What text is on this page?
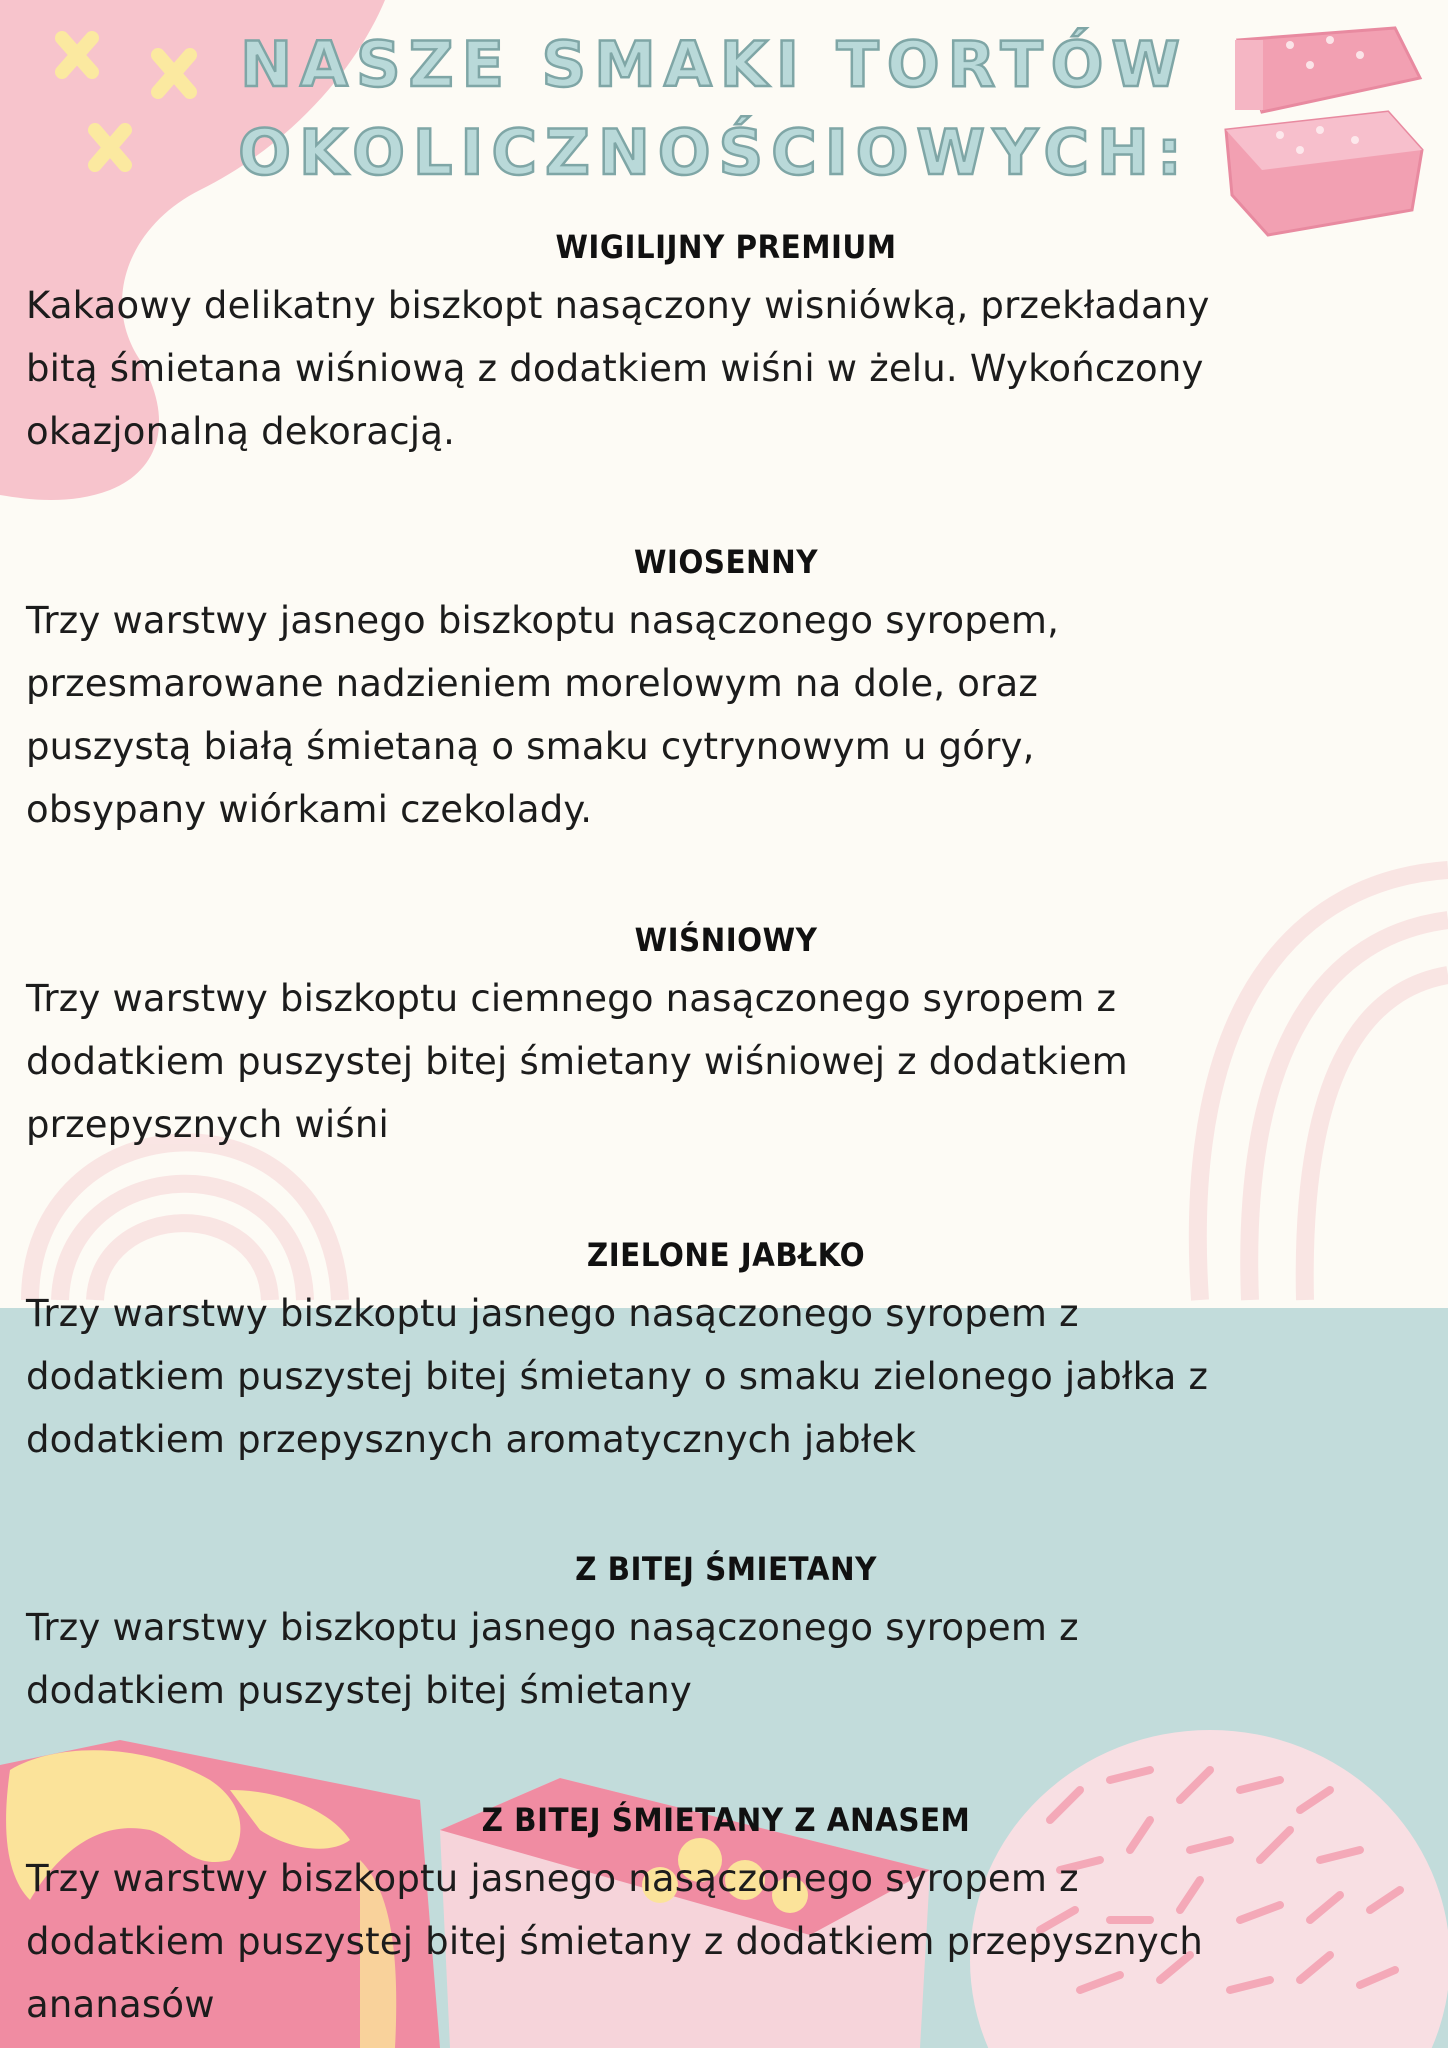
NASZE SMAKI TORTÓW
OKOLICZNOŚCIOWYCH:
WIGILIJNY PREMIUM
Kakaowy delikatny biszkopt nasączony wisniówką, przekładany
bitą śmietana wiśniową z dodatkiem wiśni w żelu. Wykończony
okazjonalną dekoracją.
WIOSENNY
Trzy warstwy jasnego biszkoptu nasączonego syropem,
przesmarowane nadzieniem morelowym na dole, oraz
puszystą białą śmietaną o smaku cytrynowym u góry,
obsypany wiórkami czekolady.
WIŚNIOWY
Trzy warstwy biszkoptu ciemnego nasączonego syropem z
dodatkiem puszystej bitej śmietany wiśniowej z dodatkiem
przepysznych wiśni
ZIELONE JABŁKO
Trzy warstwy biszkoptu jasnego nasączonego syropem z
dodatkiem puszystej bitej śmietany o smaku zielonego jabłka z
dodatkiem przepysznych aromatycznych jabłek
Z BITEJ ŚMIETANY
Trzy warstwy biszkoptu jasnego nasączonego syropem z
dodatkiem puszystej bitej śmietany
Z BITEJ ŚMIETANY Z ANASEM
Trzy warstwy biszkoptu jasnego nasączonego syropem z
dodatkiem puszystej bitej śmietany z dodatkiem przepysznych
ananasów
